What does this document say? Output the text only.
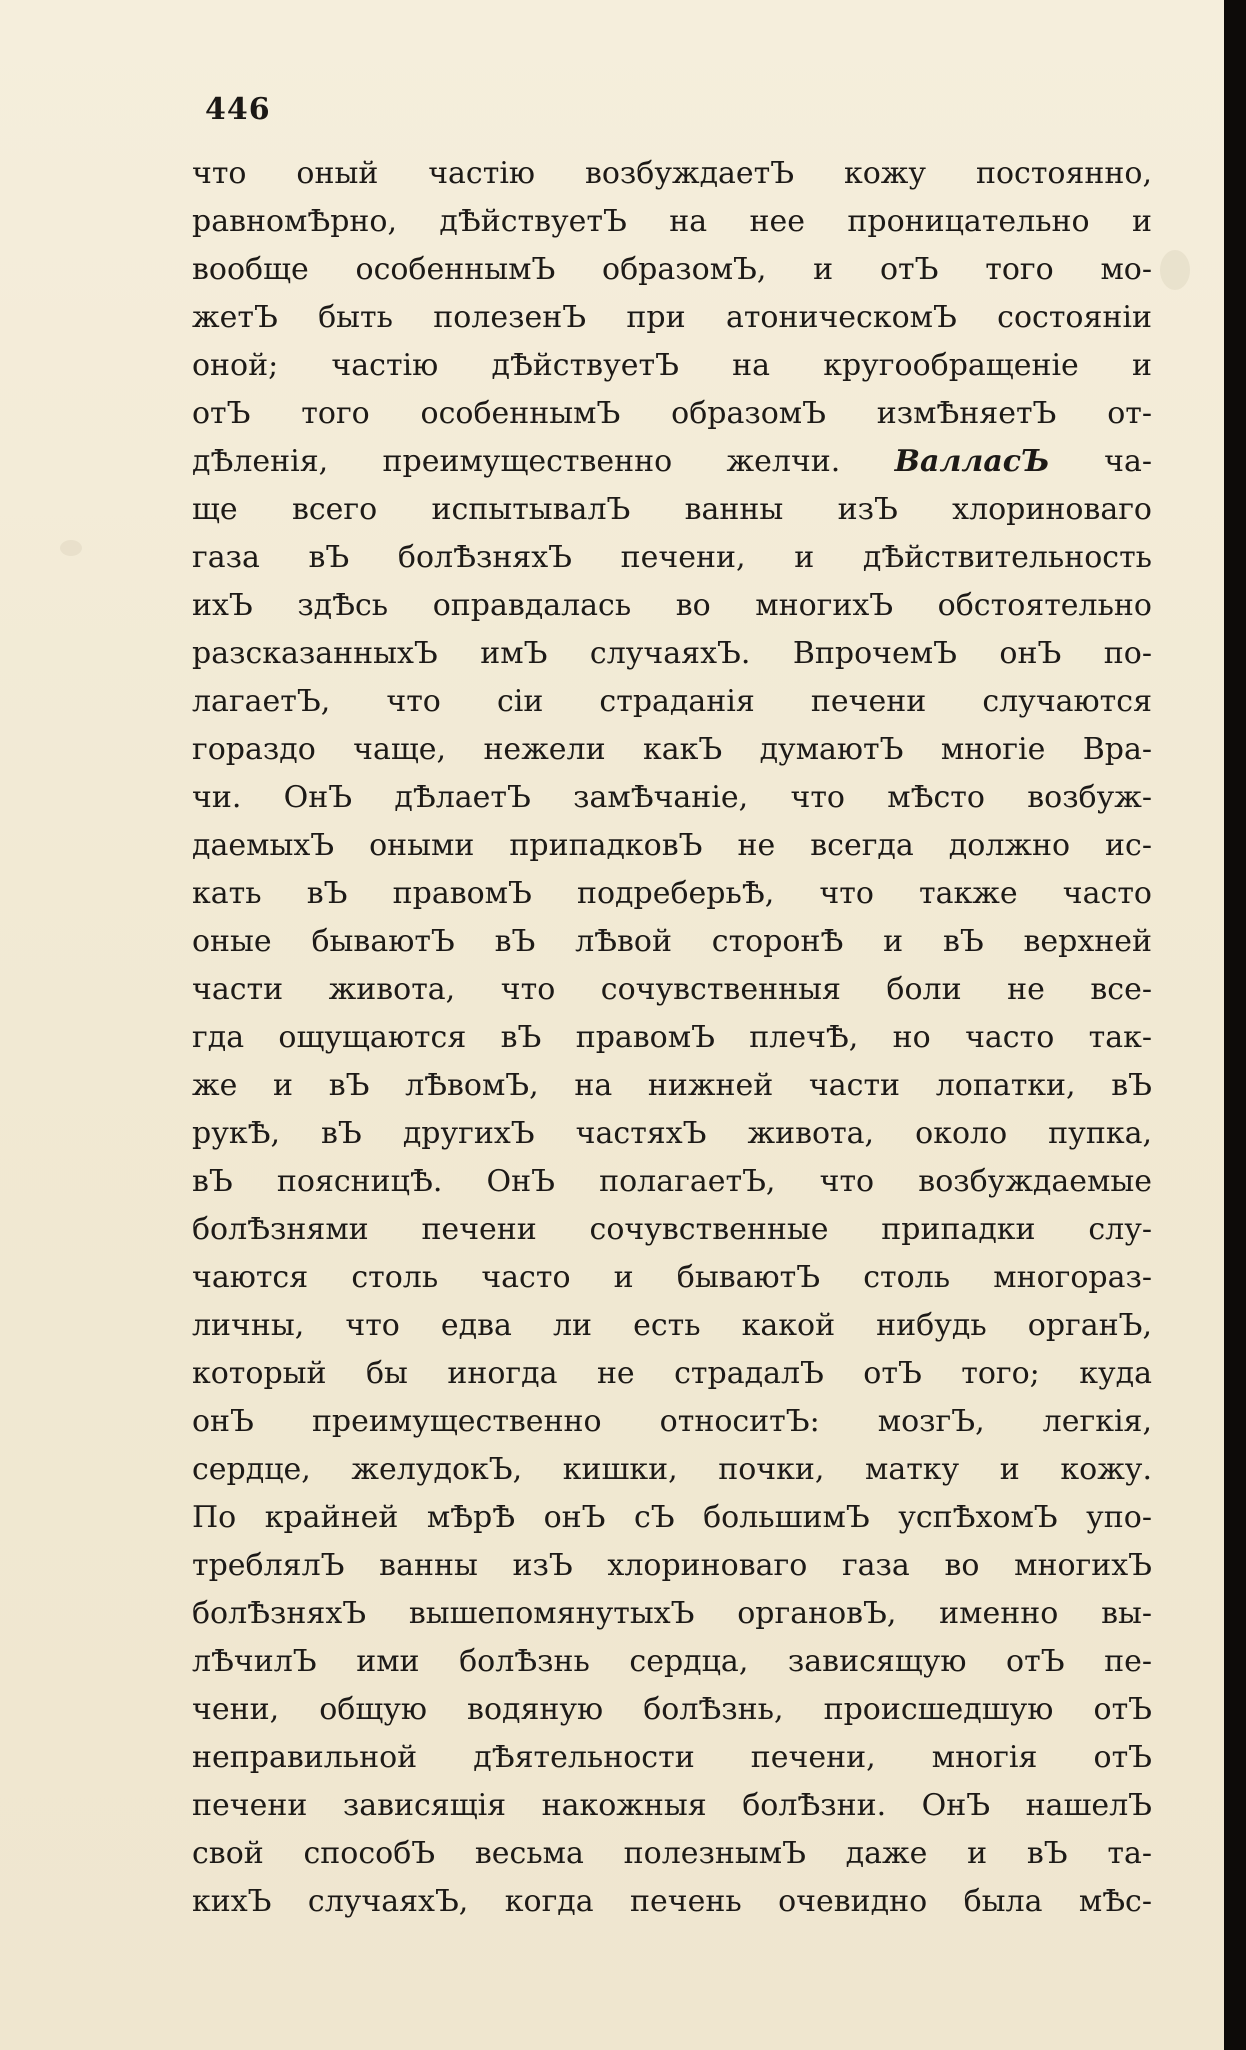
446
что оный частію возбуждаетЪ кожу постоянно,
равномѢрно, дѢйствуетЪ на нее проницательно и
вообще особеннымЪ образомЪ, и отЪ того мо-
жетЪ быть полезенЪ при атоническомЪ состояніи
оной; частію дѢйствуетЪ на кругообращеніе и
отЪ того особеннымЪ образомЪ измѢняетЪ от-
дѢленія, преимущественно желчи. ВалласЪ ча-
ще всего испытывалЪ ванны изЪ хлориноваго
газа вЪ болѢзняхЪ печени, и дѢйствительность
ихЪ здѢсь оправдалась во многихЪ обстоятельно
разсказанныхЪ имЪ случаяхЪ. ВпрочемЪ онЪ по-
лагаетЪ, что сіи страданія печени случаются
гораздо чаще, нежели какЪ думаютЪ многіе Вра-
чи. ОнЪ дѢлаетЪ замѢчаніе, что мѢсто возбуж-
даемыхЪ оными припадковЪ не всегда должно ис-
кать вЪ правомЪ подреберьѢ, что также часто
оные бываютЪ вЪ лѢвой сторонѢ и вЪ верхней
части живота, что сочувственныя боли не все-
гда ощущаются вЪ правомЪ плечѢ, но часто так-
же и вЪ лѢвомЪ, на нижней части лопатки, вЪ
рукѢ, вЪ другихЪ частяхЪ живота, около пупка,
вЪ поясницѢ. ОнЪ полагаетЪ, что возбуждаемые
болѢзнями печени сочувственные припадки слу-
чаются столь часто и бываютЪ столь многораз-
личны, что едва ли есть какой нибудь органЪ,
который бы иногда не страдалЪ отЪ того; куда
онЪ преимущественно относитЪ: мозгЪ, легкія,
сердце, желудокЪ, кишки, почки, матку и кожу.
По крайней мѢрѢ онЪ сЪ большимЪ успѢхомЪ упо-
треблялЪ ванны изЪ хлориноваго газа во многихЪ
болѢзняхЪ вышепомянутыхЪ органовЪ, именно вы-
лѢчилЪ ими болѢзнь сердца, зависящую отЪ пе-
чени, общую водяную болѢзнь, происшедшую отЪ
неправильной дѢятельности печени, многія отЪ
печени зависящія накожныя болѢзни. ОнЪ нашелЪ
свой способЪ весьма полезнымЪ даже и вЪ та-
кихЪ случаяхЪ, когда печень очевидно была мѢс-
